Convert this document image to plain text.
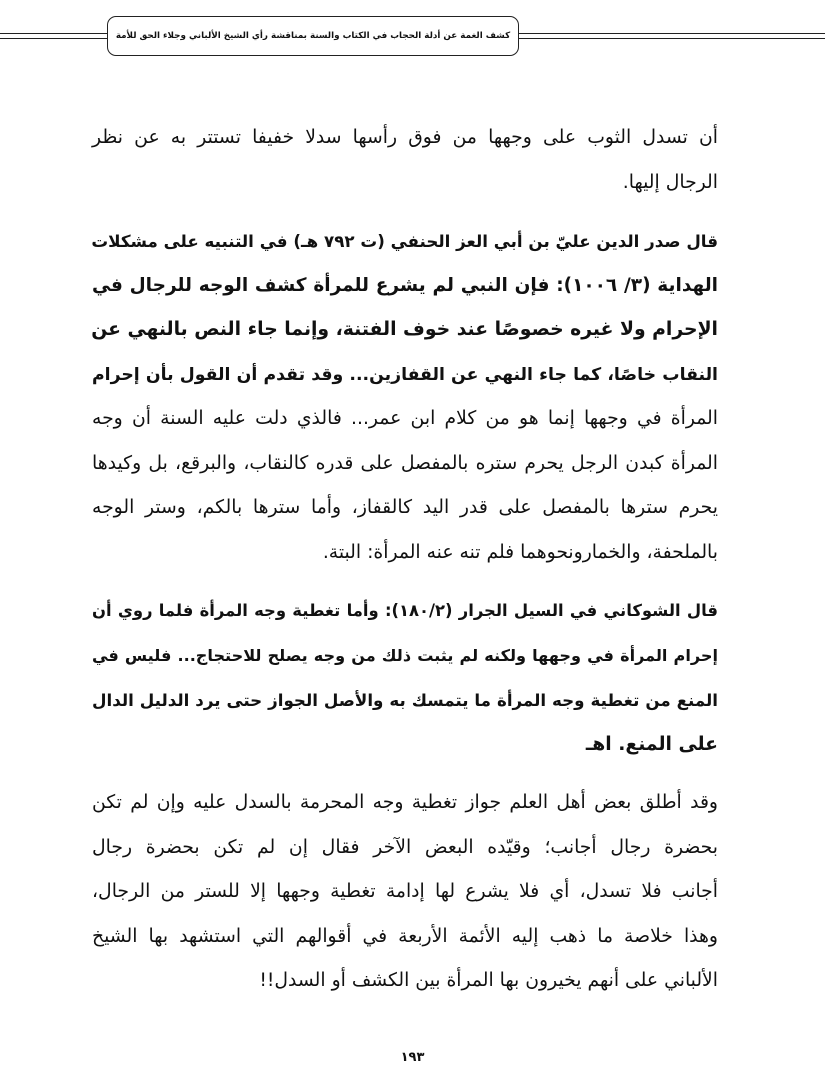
كشف الغمة عن أدلة الحجاب في الكتاب والسنة بمناقشة رأي الشيخ الألباني وجلاء الحق للأمة

أن تسدل الثوب على وجهها من فوق رأسها سدلا خفيفا تستتر به عن نظر
الرجال إليها.

قال صدر الدين عليّ بن أبي العز الحنفي (ت ٧٩٢ هـ) في التنبيه على مشكلات
الهداية (٣/ ١٠٠٦): فإن النبي لم يشرع للمرأة كشف الوجه للرجال في
الإحرام ولا غيره خصوصًا عند خوف الفتنة، وإنما جاء النص بالنهي عن
النقاب خاصًا، كما جاء النهي عن القفازين... وقد تقدم أن القول بأن إحرام
المرأة في وجهها إنما هو من كلام ابن عمر... فالذي دلت عليه السنة أن وجه
المرأة كبدن الرجل يحرم ستره بالمفصل على قدره كالنقاب، والبرقع، بل وكيدها
يحرم سترها بالمفصل على قدر اليد كالقفاز، وأما سترها بالكم، وستر الوجه
بالملحفة، والخمارونحوهما فلم تنه عنه المرأة: البتة.

قال الشوكاني في السيل الجرار (١٨٠/٢): وأما تغطية وجه المرأة فلما روي أن
إحرام المرأة في وجهها ولكنه لم يثبت ذلك من وجه يصلح للاحتجاج... فليس في
المنع من تغطية وجه المرأة ما يتمسك به والأصل الجواز حتى يرد الدليل الدال
على المنع. اهـ

وقد أطلق بعض أهل العلم جواز تغطية وجه المحرمة بالسدل عليه وإن لم تكن
بحضرة رجال أجانب؛ وقيّده البعض الآخر فقال إن لم تكن بحضرة رجال
أجانب فلا تسدل، أي فلا يشرع لها إدامة تغطية وجهها إلا للستر من الرجال،
وهذا خلاصة ما ذهب إليه الأئمة الأربعة في أقوالهم التي استشهد بها الشيخ
الألباني على أنهم يخيرون بها المرأة بين الكشف أو السدل!!

١٩٣
